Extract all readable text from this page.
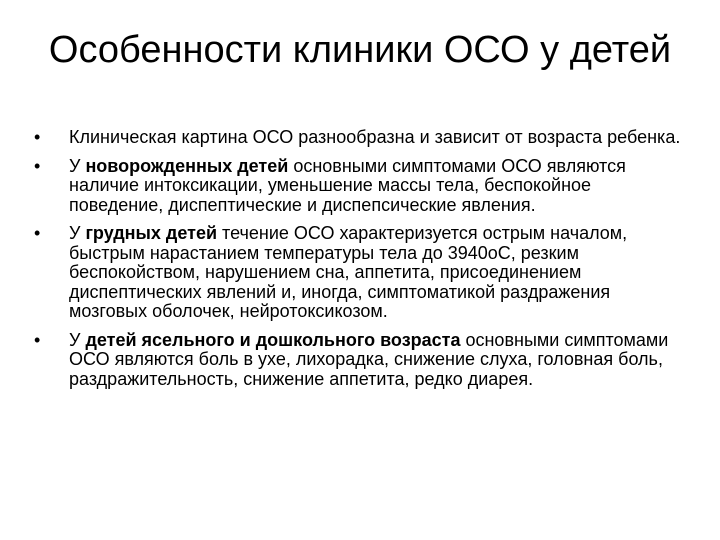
Особенности клиники ОСО у детей
•	Клиническая картина ОСО разнообразна и зависит от возраста ребенка.
•	У новорожденных детей основными симптомами ОСО являются наличие интоксикации, уменьшение массы тела, беспокойное поведение, диспептические и диспепсические явления.
•	У грудных детей течение ОСО характеризуется острым началом, быстрым нарастанием температуры тела до 3940оС, резким беспокойством, нарушением сна, аппетита, присоединением диспептических явлений и, иногда, симптоматикой раздражения мозговых оболочек, нейротоксикозом.
•	У детей ясельного и дошкольного возраста основными симптомами ОСО являются боль в ухе, лихорадка, снижение слуха, головная боль, раздражительность, снижение аппетита, редко диарея.
